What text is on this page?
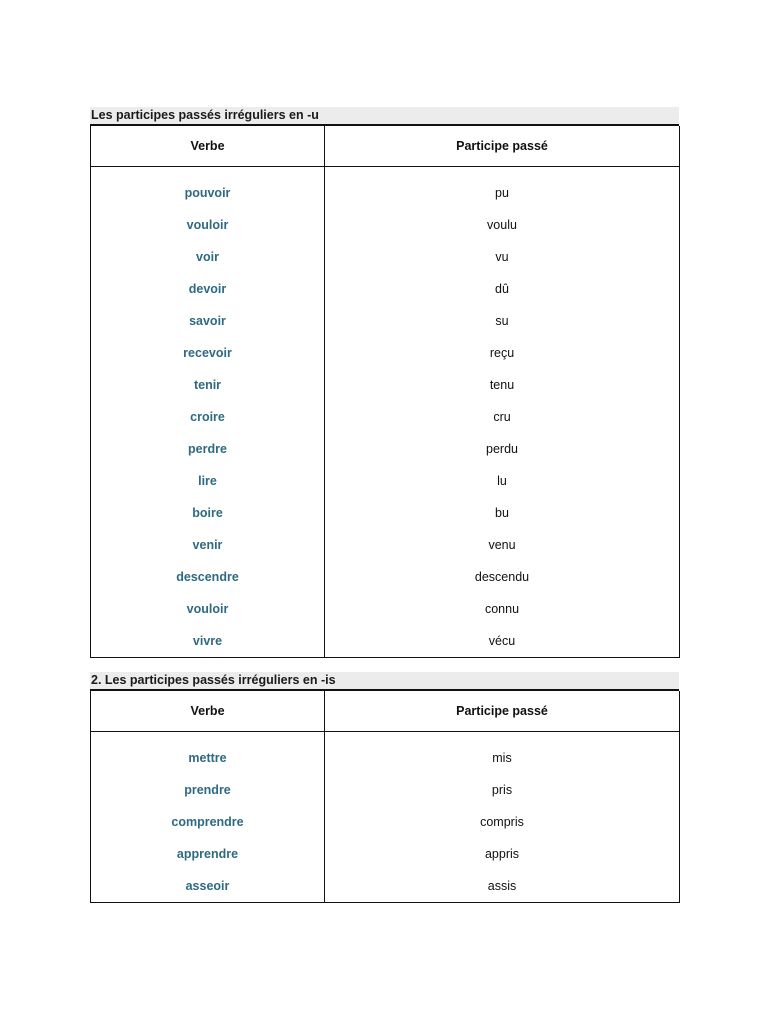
Les participes passés irréguliers en -u
Verbe	Participe passé
pouvoir	pu
vouloir	voulu
voir	vu
devoir	dû
savoir	su
recevoir	reçu
tenir	tenu
croire	cru
perdre	perdu
lire	lu
boire	bu
venir	venu
descendre	descendu
vouloir	connu
vivre	vécu
2. Les participes passés irréguliers en -is
Verbe	Participe passé
mettre	mis
prendre	pris
comprendre	compris
apprendre	appris
asseoir	assis
